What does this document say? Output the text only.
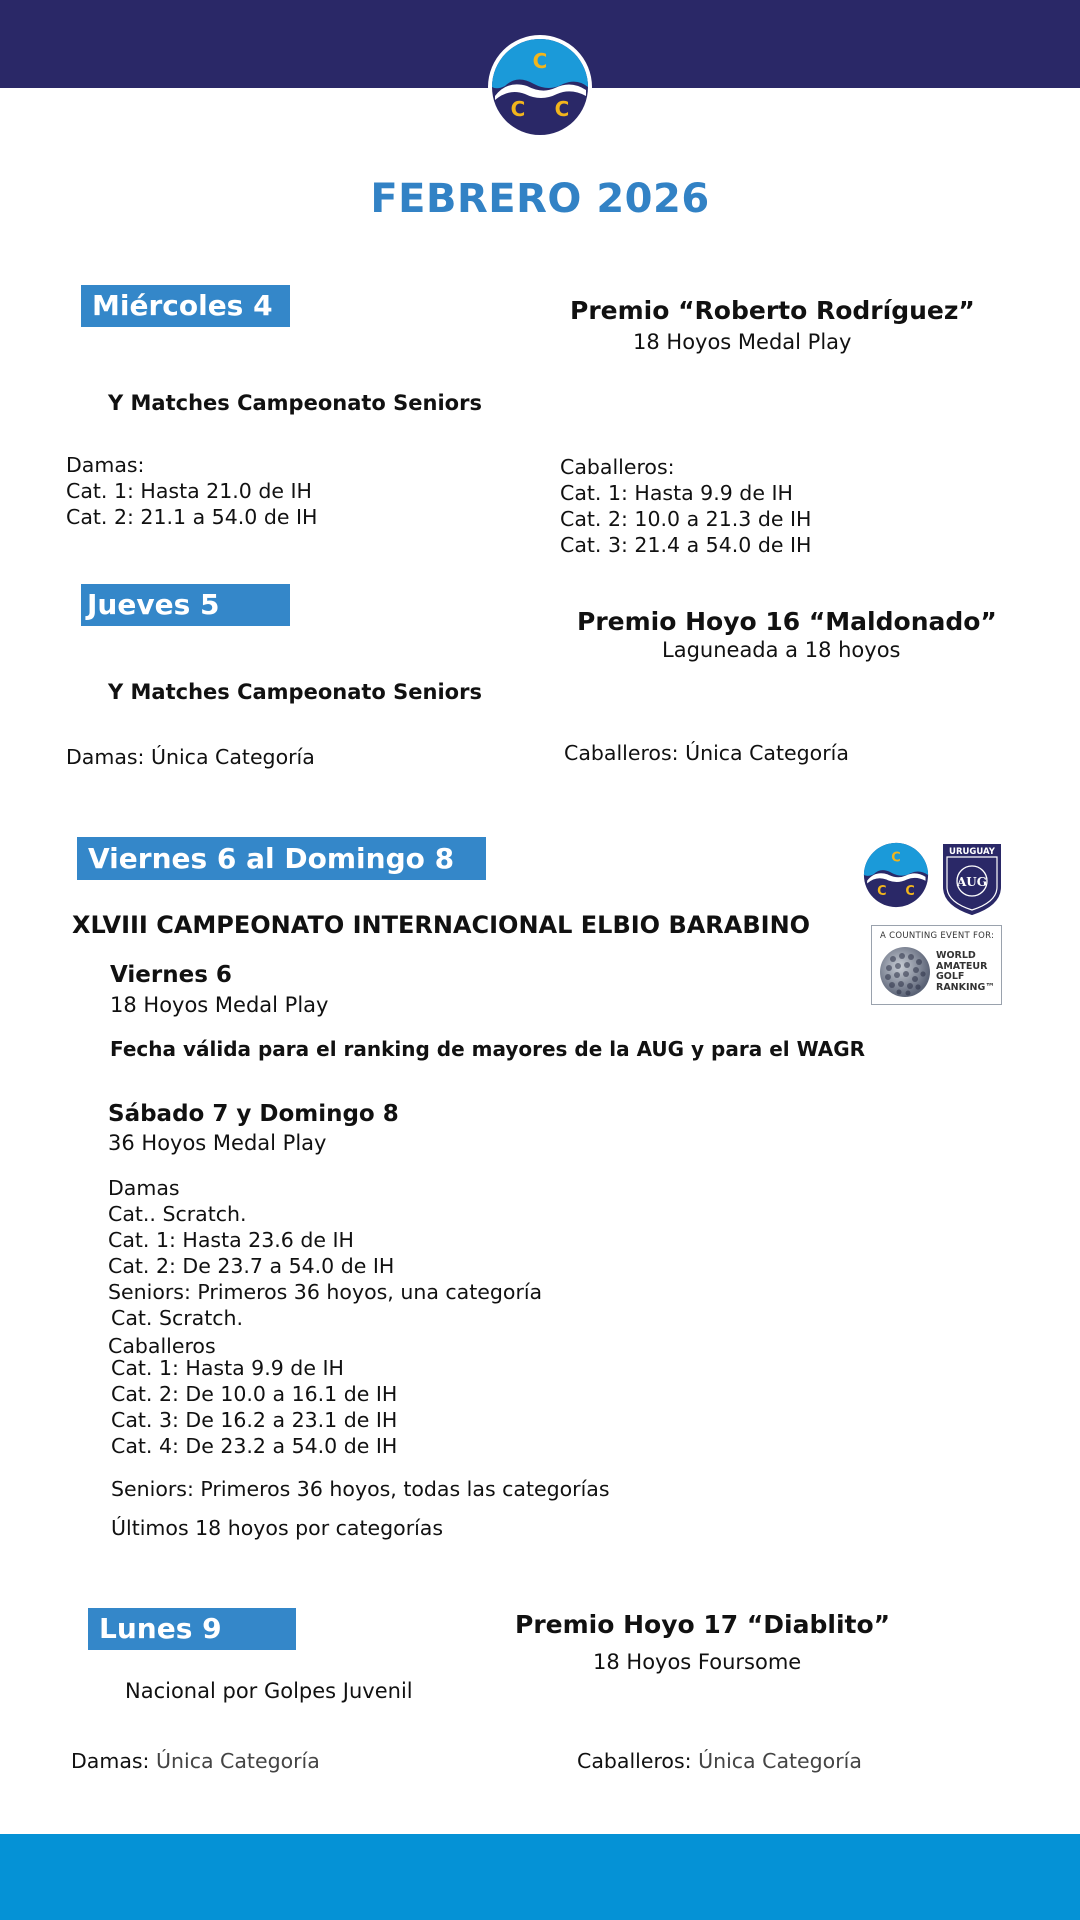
C
C C
FEBRERO 2026
Miércoles 4	Premio “Roberto Rodríguez”
18 Hoyos Medal Play
Y Matches Campeonato Seniors
Damas:
Cat. 1: Hasta 21.0 de IH
Cat. 2: 21.1 a 54.0 de IH
Caballeros:
Cat. 1: Hasta 9.9 de IH
Cat. 2: 10.0 a 21.3 de IH
Cat. 3: 21.4 a 54.0 de IH
Jueves 5
Premio Hoyo 16 “Maldonado”
Laguneada a 18 hoyos
Y Matches Campeonato Seniors
Damas: Única Categoría	Caballeros: Única Categoría
Viernes 6 al Domingo 8
XLVIII CAMPEONATO INTERNACIONAL ELBIO BARABINO
C
C C
URUGUAY
AUG
A COUNTING EVENT FOR:
WORLD
AMATEUR
GOLF
RANKING™
Viernes 6
18 Hoyos Medal Play
Fecha válida para el ranking de mayores de la AUG y para el WAGR
Sábado 7 y Domingo 8
36 Hoyos Medal Play
Damas
Cat.. Scratch.
Cat. 1: Hasta 23.6 de IH
Cat. 2: De 23.7 a 54.0 de IH
Seniors: Primeros 36 hoyos, una categoría
Cat. Scratch.
Caballeros
Cat. 1: Hasta 9.9 de IH
Cat. 2: De 10.0 a 16.1 de IH
Cat. 3: De 16.2 a 23.1 de IH
Cat. 4: De 23.2 a 54.0 de IH
Seniors: Primeros 36 hoyos, todas las categorías
Últimos 18 hoyos por categorías
Lunes 9	Premio Hoyo 17 “Diablito”
18 Hoyos Foursome
Nacional por Golpes Juvenil
Damas: Única Categoría	Caballeros: Única Categoría
